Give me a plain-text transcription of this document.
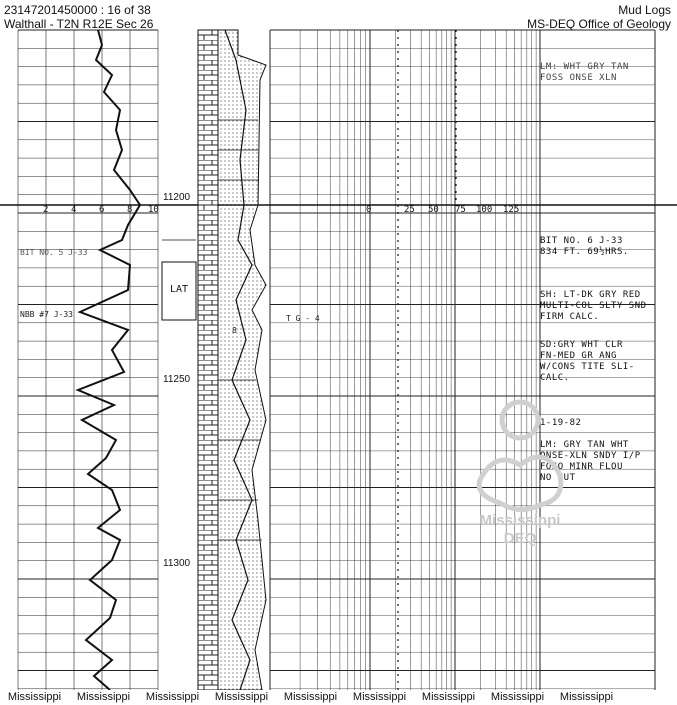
23147201450000 : 16 of 38
Walthall - T2N R12E Sec 26
Mud Logs
MS-DEQ Office of Geology
11200
11250
11300
2	4	6	8 10	0	25 50 75 100 125
LAT
BIT NO. 5 J-33
NBB #7 J-33	T G - 4
8
LM: WHT GRY TAN
FOSS ONSE XLN
BIT NO. 6 J-33
834 FT. 69½HRS.
SH: LT-DK GRY RED
MULTI-COL SLTY SND
FIRM CALC.
SD:GRY WHT CLR
FN-MED GR ANG
W/CONS TITE SLI-
CALC.
1-19-82
LM: GRY TAN WHT
ONSE-XLN SNDY I/P
FOSO MINR FLOU
NO CUT
Mississippi
DEQ
Mississippi	Mississippi	Mississippi	Mississippi	Mississippi	Mississippi	Mississippi	Mississippi	Mississippi
